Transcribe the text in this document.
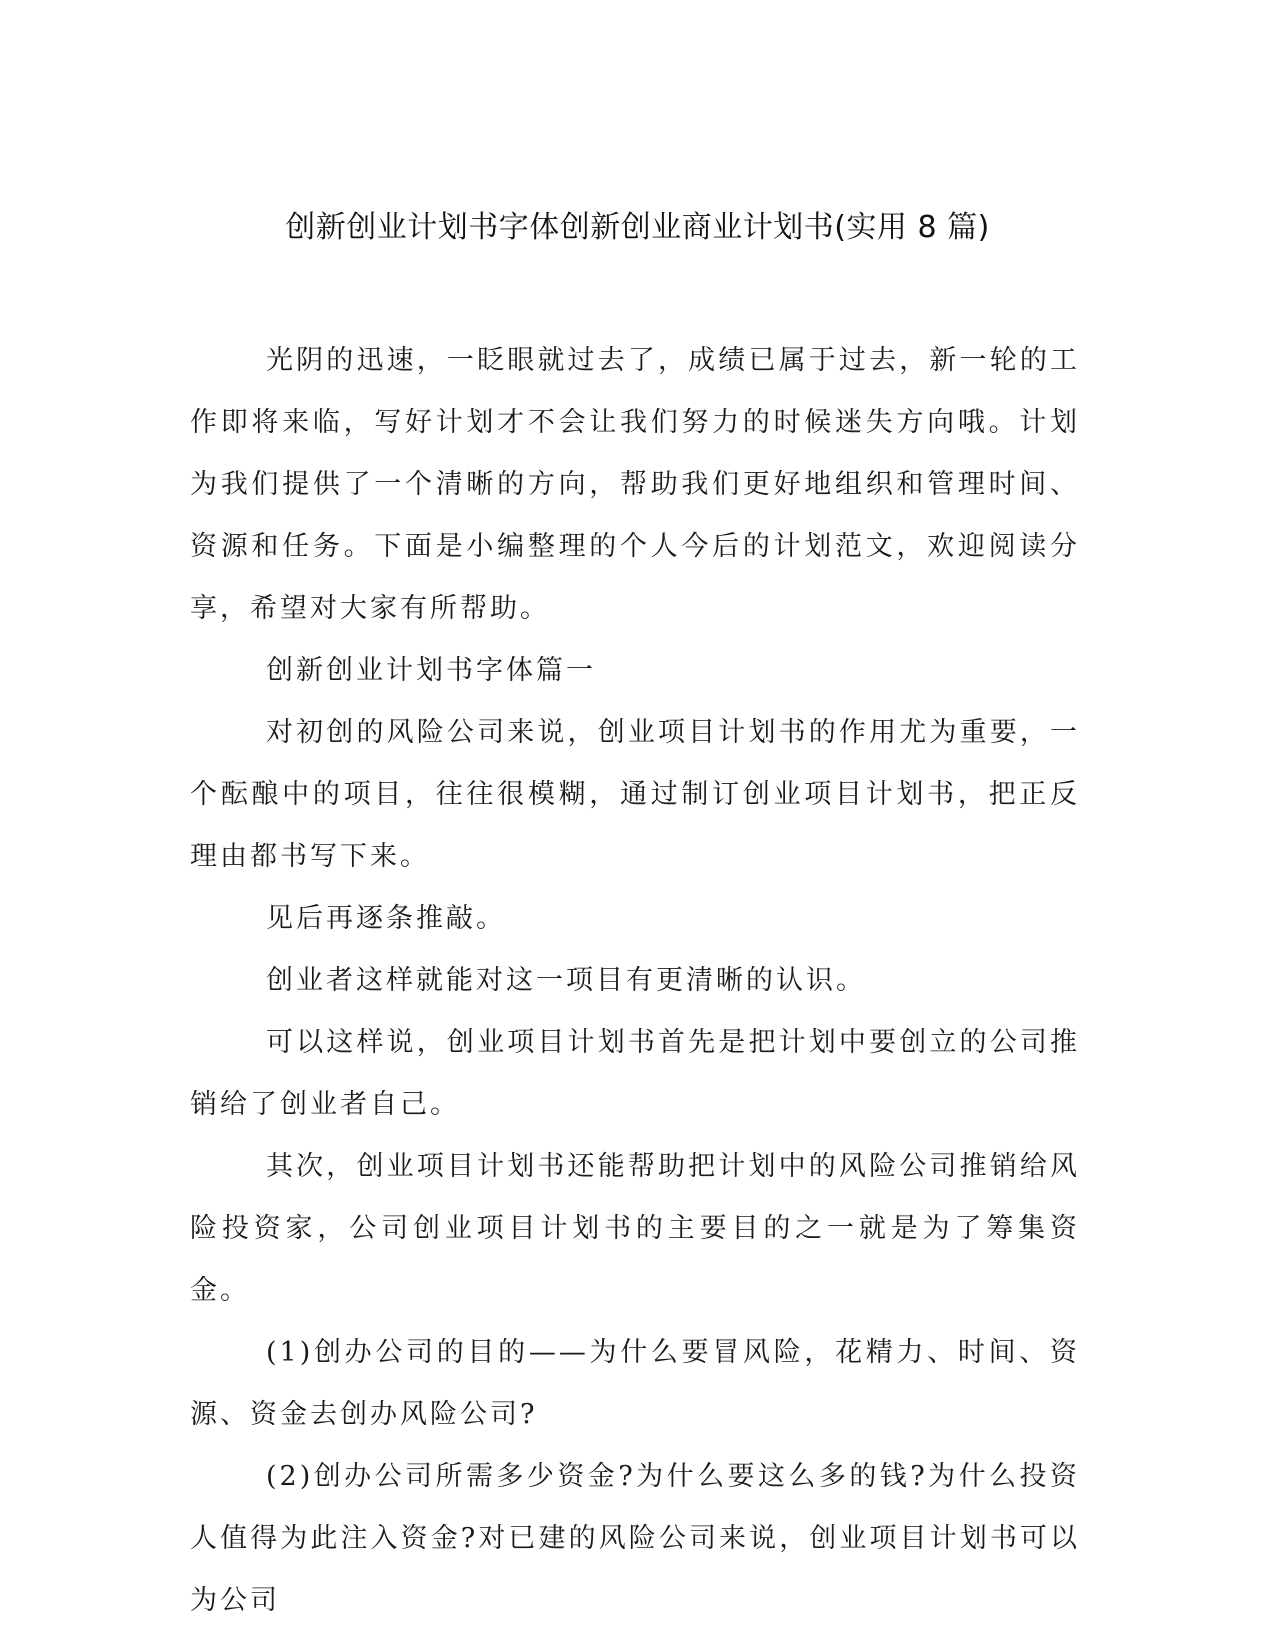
创新创业计划书字体创新创业商业计划书(实用 8 篇)

光阴的迅速，一眨眼就过去了，成绩已属于过去，新一轮的工作即将来临，写好计划才不会让我们努力的时候迷失方向哦。计划为我们提供了一个清晰的方向，帮助我们更好地组织和管理时间、资源和任务。下面是小编整理的个人今后的计划范文，欢迎阅读分享，希望对大家有所帮助。

创新创业计划书字体篇一

对初创的风险公司来说，创业项目计划书的作用尤为重要，一个酝酿中的项目，往往很模糊，通过制订创业项目计划书，把正反理由都书写下来。

见后再逐条推敲。

创业者这样就能对这一项目有更清晰的认识。

可以这样说，创业项目计划书首先是把计划中要创立的公司推销给了创业者自己。

其次，创业项目计划书还能帮助把计划中的风险公司推销给风险投资家，公司创业项目计划书的主要目的之一就是为了筹集资金。

(1)创办公司的目的——为什么要冒风险，花精力、时间、资源、资金去创办风险公司?

(2)创办公司所需多少资金?为什么要这么多的钱?为什么投资人值得为此注入资金?对已建的风险公司来说，创业项目计划书可以为公司
